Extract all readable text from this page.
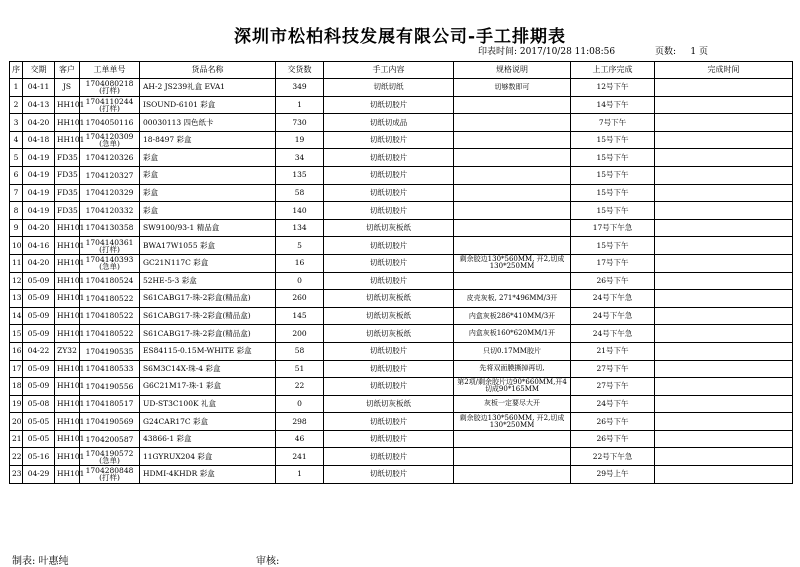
深圳市松柏科技发展有限公司-手工排期表
印表时间: 2017/10/28 11:08:56	页数: 1 页
序	交期	客户	工单单号	货品名称	交货数	手工内容	规格说明	上工序完成	完成时间
1	04-11	JS	1704080218
(打样)	AH-2 JS239礼盒 EVA1	349	切纸切纸	切够数即可	12号下午	
2	04-13	HH101	1704110244
(打样)	ISOUND-6101 彩盒	1	切纸切胶片		14号下午	
3	04-20	HH101	1704050116	00030113 四色纸卡	730	切纸切成品		7号下午	
4	04-18	HH101	1704120309
(急单)	18-8497 彩盒	19	切纸切胶片		15号下午	
5	04-19	FD35	1704120326	彩盒	34	切纸切胶片		15号下午	
6	04-19	FD35	1704120327	彩盒	135	切纸切胶片		15号下午	
7	04-19	FD35	1704120329	彩盒	58	切纸切胶片		15号下午	
8	04-19	FD35	1704120332	彩盒	140	切纸切胶片		15号下午	
9	04-20	HH101	1704130358	SW9100/93-1 精品盒	134	切纸切灰板纸		17号下午急	
10	04-16	HH101	1704140361
(打样)	BWA17W1055 彩盒	5	切纸切胶片		15号下午	
11	04-20	HH101	1704140393
(急单)	GC21N117C 彩盒	16	切纸切胶片	剩余胶边130*560MM, 开2,切成130*250MM	17号下午	
12	05-09	HH101	1704180524	52HE-5-3 彩盒	0	切纸切胶片		26号下午	
13	05-09	HH101	1704180522	S61CABG17-珠-2彩盒(精品盒)	260	切纸切灰板纸	皮壳灰板, 271*496MM/3开	24号下午急	
14	05-09	HH101	1704180522	S61CABG17-珠-2彩盒(精品盒)	145	切纸切灰板纸	内盒灰板286*410MM/3开	24号下午急	
15	05-09	HH101	1704180522	S61CABG17-珠-2彩盒(精品盒)	200	切纸切灰板纸	内盒灰板160*620MM/1开	24号下午急	
16	04-22	ZY32	1704190535	ES84115-0.15M-WHITE 彩盒	58	切纸切胶片	只切0.17MM胶片	21号下午	
17	05-09	HH101	1704180533	S6M3C14X-珠-4 彩盒	51	切纸切胶片	先将双面膜撕掉再切,	27号下午	
18	05-09	HH101	1704190556	G6C21M17-珠-1 彩盒	22	切纸切胶片	第2项/剩余胶片边90*660MM,开4切成90*165MM	27号下午	
19	05-08	HH101	1704180517	UD-ST3C100K 礼盒	0	切纸切灰板纸	灰板一定要尽大开	24号下午	
20	05-05	HH101	1704190569	G24CAR17C 彩盒	298	切纸切胶片	剩余胶边130*560MM, 开2,切成130*250MM	26号下午	
21	05-05	HH101	1704200587	43866-1 彩盒	46	切纸切胶片		26号下午	
22	05-16	HH101	1704190572
(急单)	11GYRUX204 彩盒	241	切纸切胶片		22号下午急	
23	04-29	HH101	1704280848
(打样)	HDMI-4KHDR 彩盒	1	切纸切胶片		29号上午	
制表: 叶惠纯	审核:
